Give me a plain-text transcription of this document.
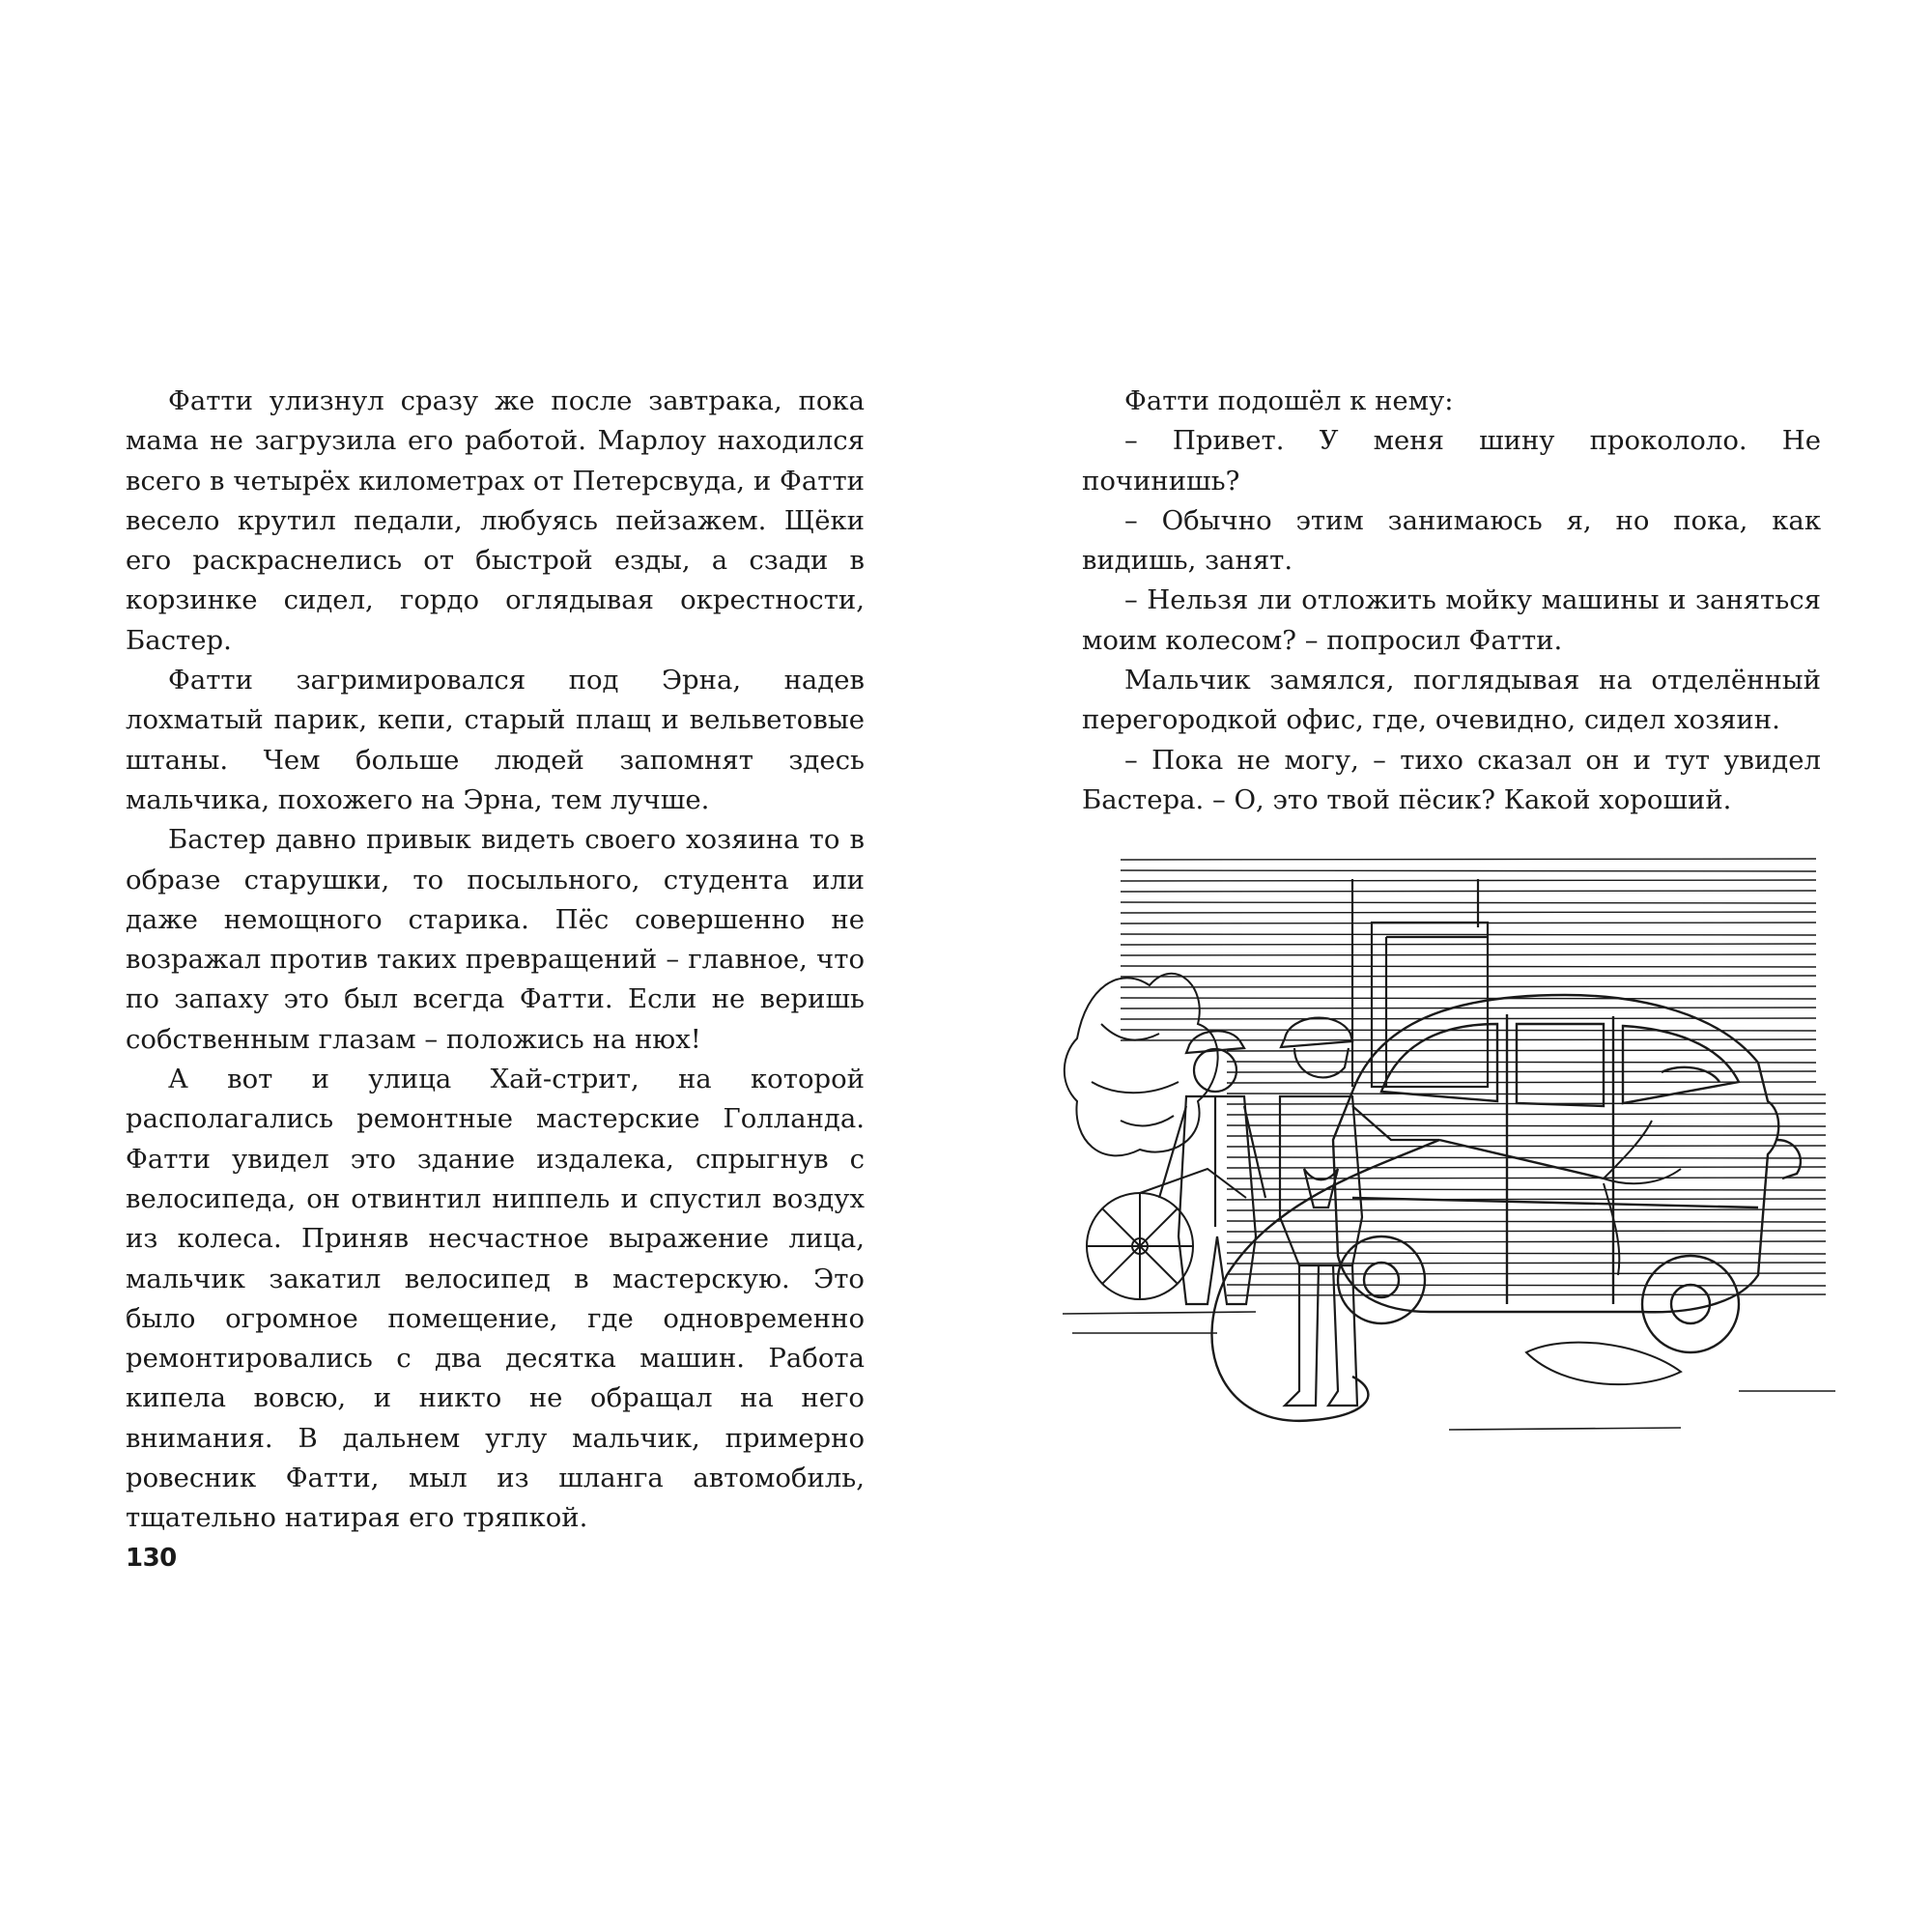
Фатти улизнул сразу же после завтрака, пока мама не загрузила его работой. Марлоу находился всего в четырёх километрах от Петерсвуда, и Фатти весело крутил педали, любуясь пейзажем. Щёки его раскраснелись от быстрой езды, а сзади в корзинке сидел, гордо оглядывая окрестности, Бастер.

Фатти загримировался под Эрна, надев лохматый парик, кепи, старый плащ и вельветовые штаны. Чем больше людей запомнят здесь мальчика, похожего на Эрна, тем лучше.

Бастер давно привык видеть своего хозяина то в образе старушки, то посыльного, студента или даже немощного старика. Пёс совершенно не возражал против таких превращений – главное, что по запаху это был всегда Фатти. Если не веришь собственным глазам – положись на нюх!

А вот и улица Хай-стрит, на которой располагались ремонтные мастерские Голланда. Фатти увидел это здание издалека, спрыгнув с велосипеда, он отвинтил ниппель и спустил воздух из колеса. Приняв несчастное выражение лица, мальчик закатил велосипед в мастерскую. Это было огромное помещение, где одновременно ремонтировались с два десятка машин. Работа кипела вовсю, и никто не обращал на него внимания. В дальнем углу мальчик, примерно ровесник Фатти, мыл из шланга автомобиль, тщательно натирая его тряпкой.

130

Фатти подошёл к нему:

– Привет. У меня шину прокололо. Не починишь?

– Обычно этим занимаюсь я, но пока, как видишь, занят.

– Нельзя ли отложить мойку машины и заняться моим колесом? – попросил Фатти.

Мальчик замялся, поглядывая на отделённый перегородкой офис, где, очевидно, сидел хозяин.

– Пока не могу, – тихо сказал он и тут увидел Бастера. – О, это твой пёсик? Какой хороший.
